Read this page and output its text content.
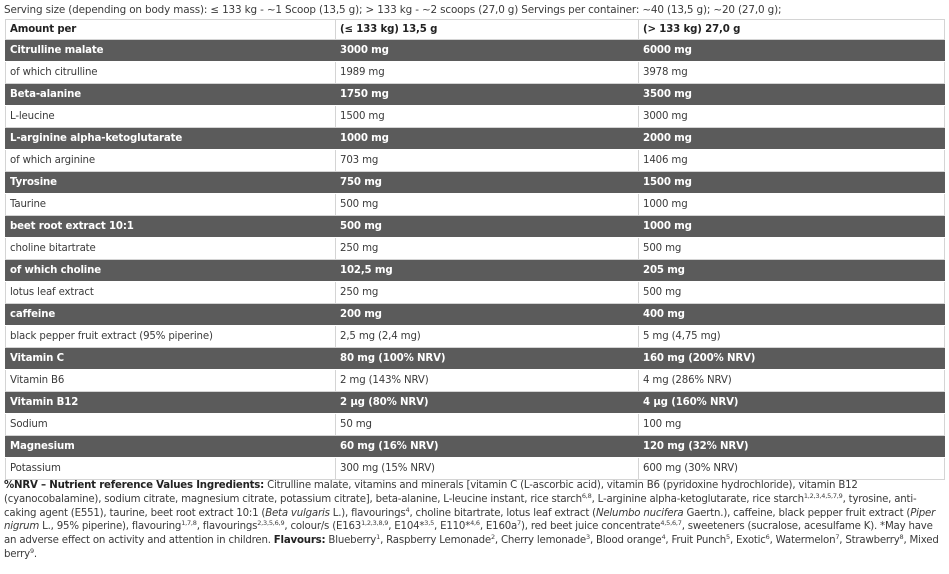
Serving size (depending on body mass): ≤ 133 kg - ~1 Scoop (13,5 g); > 133 kg - ~2 scoops (27,0 g) Servings per container: ~40 (13,5 g); ~20 (27,0 g);
Amount per	(≤ 133 kg) 13,5 g	(> 133 kg) 27,0 g
Citrulline malate	3000 mg	6000 mg
of which citrulline	1989 mg	3978 mg
Beta-alanine	1750 mg	3500 mg
L-leucine	1500 mg	3000 mg
L-arginine alpha-ketoglutarate	1000 mg	2000 mg
of which arginine	703 mg	1406 mg
Tyrosine	750 mg	1500 mg
Taurine	500 mg	1000 mg
beet root extract 10:1	500 mg	1000 mg
choline bitartrate	250 mg	500 mg
of which choline	102,5 mg	205 mg
lotus leaf extract	250 mg	500 mg
caffeine	200 mg	400 mg
black pepper fruit extract (95% piperine)	2,5 mg (2,4 mg)	5 mg (4,75 mg)
Vitamin C	80 mg (100% NRV)	160 mg (200% NRV)
Vitamin B6	2 mg (143% NRV)	4 mg (286% NRV)
Vitamin B12	2 µg (80% NRV)	4 µg (160% NRV)
Sodium	50 mg	100 mg
Magnesium	60 mg (16% NRV)	120 mg (32% NRV)
Potassium	300 mg (15% NRV)	600 mg (30% NRV)
%NRV – Nutrient reference Values Ingredients: Citrulline malate, vitamins and minerals [vitamin C (L-ascorbic acid), vitamin B6 (pyridoxine hydrochloride), vitamin B12 (cyanocobalamine), sodium citrate, magnesium citrate, potassium citrate], beta-alanine, L-leucine instant, rice starch$^{6,8}$, L-arginine alpha-ketoglutarate, rice starch$^{1,2,3,4,5,7,9}$, tyrosine, anti-caking agent (E551), taurine, beet root extract 10:1 (Beta vulgaris L.), flavourings$^4$, choline bitartrate, lotus leaf extract (Nelumbo nucifera Gaertn.), caffeine, black pepper fruit extract (Piper nigrum L., 95% piperine), flavouring$^{1,7,8}$, flavourings$^{2,3,5,6,9}$, colour/s (E163$^{1,2,3,8,9}$, E104*$^{3,5}$, E110*$^{4,6}$, $E160a^7$), red beet juice concentrate$^{4,5,6,7}$, sweeteners (sucralose, acesulfame K). *May have an adverse effect on activity and attention in children. Flavours: Blueberry$^1$, Raspberry Lemonade$^2$, Cherry lemonade$^3$, Blood orange$^4$, Fruit Punch$^5$, Exotic$^6$, Watermelon$^7$, Strawberry$^8$, Mixed berry$^9$.
